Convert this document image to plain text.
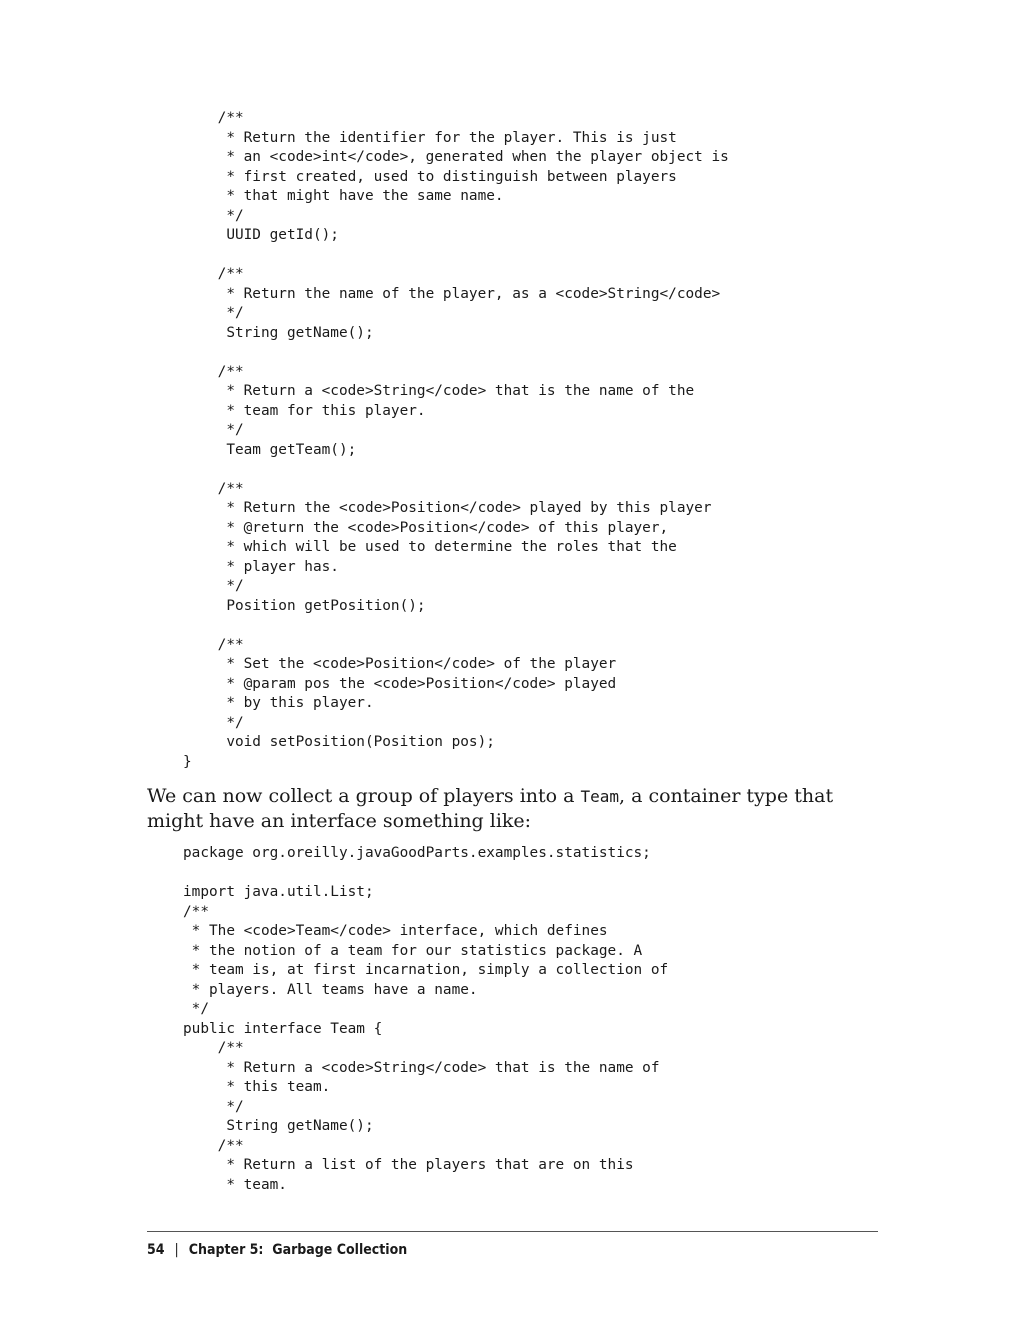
/**
* Return the identifier for the player. This is just
* an <code>int</code>, generated when the player object is
* first created, used to distinguish between players
* that might have the same name.
*/
UUID getId();

/**
* Return the name of the player, as a <code>String</code>
*/
String getName();

/**
* Return a <code>String</code> that is the name of the
* team for this player.
*/
Team getTeam();

/**
* Return the <code>Position</code> played by this player
* @return the <code>Position</code> of this player,
* which will be used to determine the roles that the
* player has.
*/
Position getPosition();

/**
* Set the <code>Position</code> of the player
* @param pos the <code>Position</code> played
* by this player.
*/
void setPosition(Position pos);
}

We can now collect a group of players into a Team, a container type that might have an interface something like:

package org.oreilly.javaGoodParts.examples.statistics;

import java.util.List;
/**
* The <code>Team</code> interface, which defines
* the notion of a team for our statistics package. A
* team is, at first incarnation, simply a collection of
* players. All teams have a name.
*/
public interface Team {
/**
* Return a <code>String</code> that is the name of
* this team.
*/
String getName();
/**
* Return a list of the players that are on this
* team.
54 | Chapter 5:  Garbage Collection
